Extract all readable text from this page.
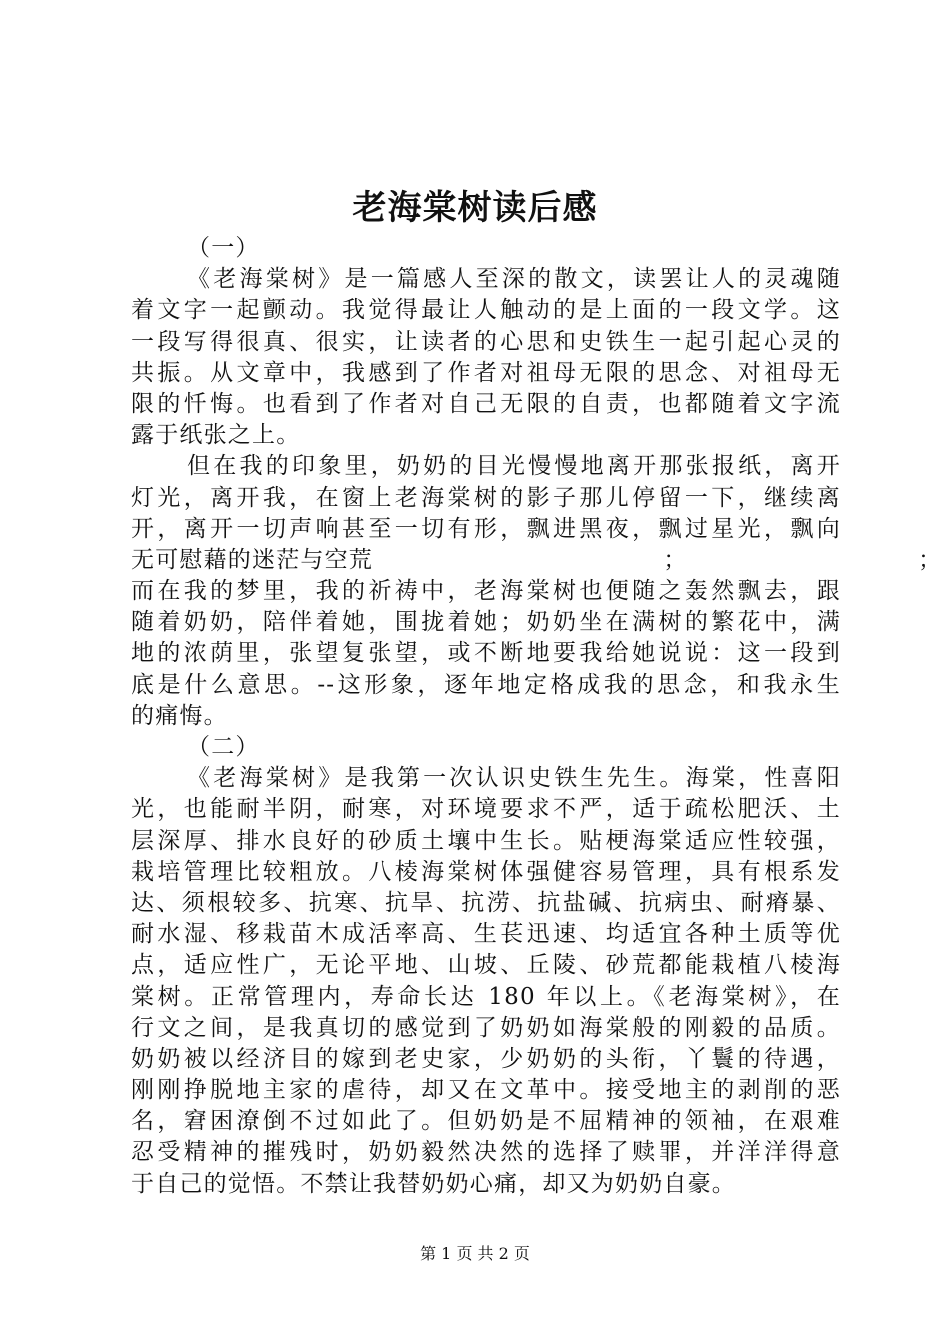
老海棠树读后感
（一）
《老海棠树》是一篇感人至深的散文，读罢让人的灵魂随
着文字一起颤动。我觉得最让人触动的是上面的一段文学。这
一段写得很真、很实，让读者的心思和史铁生一起引起心灵的
共振。从文章中，我感到了作者对祖母无限的思念、对祖母无
限的忏悔。也看到了作者对自己无限的自责，也都随着文字流
露于纸张之上。
但在我的印象里，奶奶的目光慢慢地离开那张报纸，离开
灯光，离开我，在窗上老海棠树的影子那儿停留一下，继续离
开，离开一切声响甚至一切有形，飘进黑夜，飘过星光，飘向
无可慰藉的迷茫与空荒　　　　　　　　　　　　；　　　　　　　　　　；
而在我的梦里，我的祈祷中，老海棠树也便随之轰然飘去，跟
随着奶奶，陪伴着她，围拢着她；奶奶坐在满树的繁花中，满
地的浓荫里，张望复张望，或不断地要我给她说说：这一段到
底是什么意思。--这形象，逐年地定格成我的思念，和我永生
的痛悔。
（二）
《老海棠树》是我第一次认识史铁生先生。海棠，性喜阳
光，也能耐半阴，耐寒，对环境要求不严，适于疏松肥沃、土
层深厚、排水良好的砂质土壤中生长。贴梗海棠适应性较强，
栽培管理比较粗放。八棱海棠树体强健容易管理，具有根系发
达、须根较多、抗寒、抗旱、抗涝、抗盐碱、抗病虫、耐瘠暴、
耐水湿、移栽苗木成活率高、生苌迅速、均适宜各种土质等优
点，适应性广，无论平地、山坡、丘陵、砂荒都能栽植八棱海
棠树。正常管理内，寿命长达 180 年以上。《老海棠树》，在
行文之间，是我真切的感觉到了奶奶如海棠般的刚毅的品质。
奶奶被以经济目的嫁到老史家，少奶奶的头衔，丫鬟的待遇，
刚刚挣脱地主家的虐待，却又在文革中。接受地主的剥削的恶
名，窘困潦倒不过如此了。但奶奶是不屈精神的领袖，在艰难
忍受精神的摧残时，奶奶毅然决然的选择了赎罪，并洋洋得意
于自己的觉悟。不禁让我替奶奶心痛，却又为奶奶自豪。
第 1 页 共 2 页
